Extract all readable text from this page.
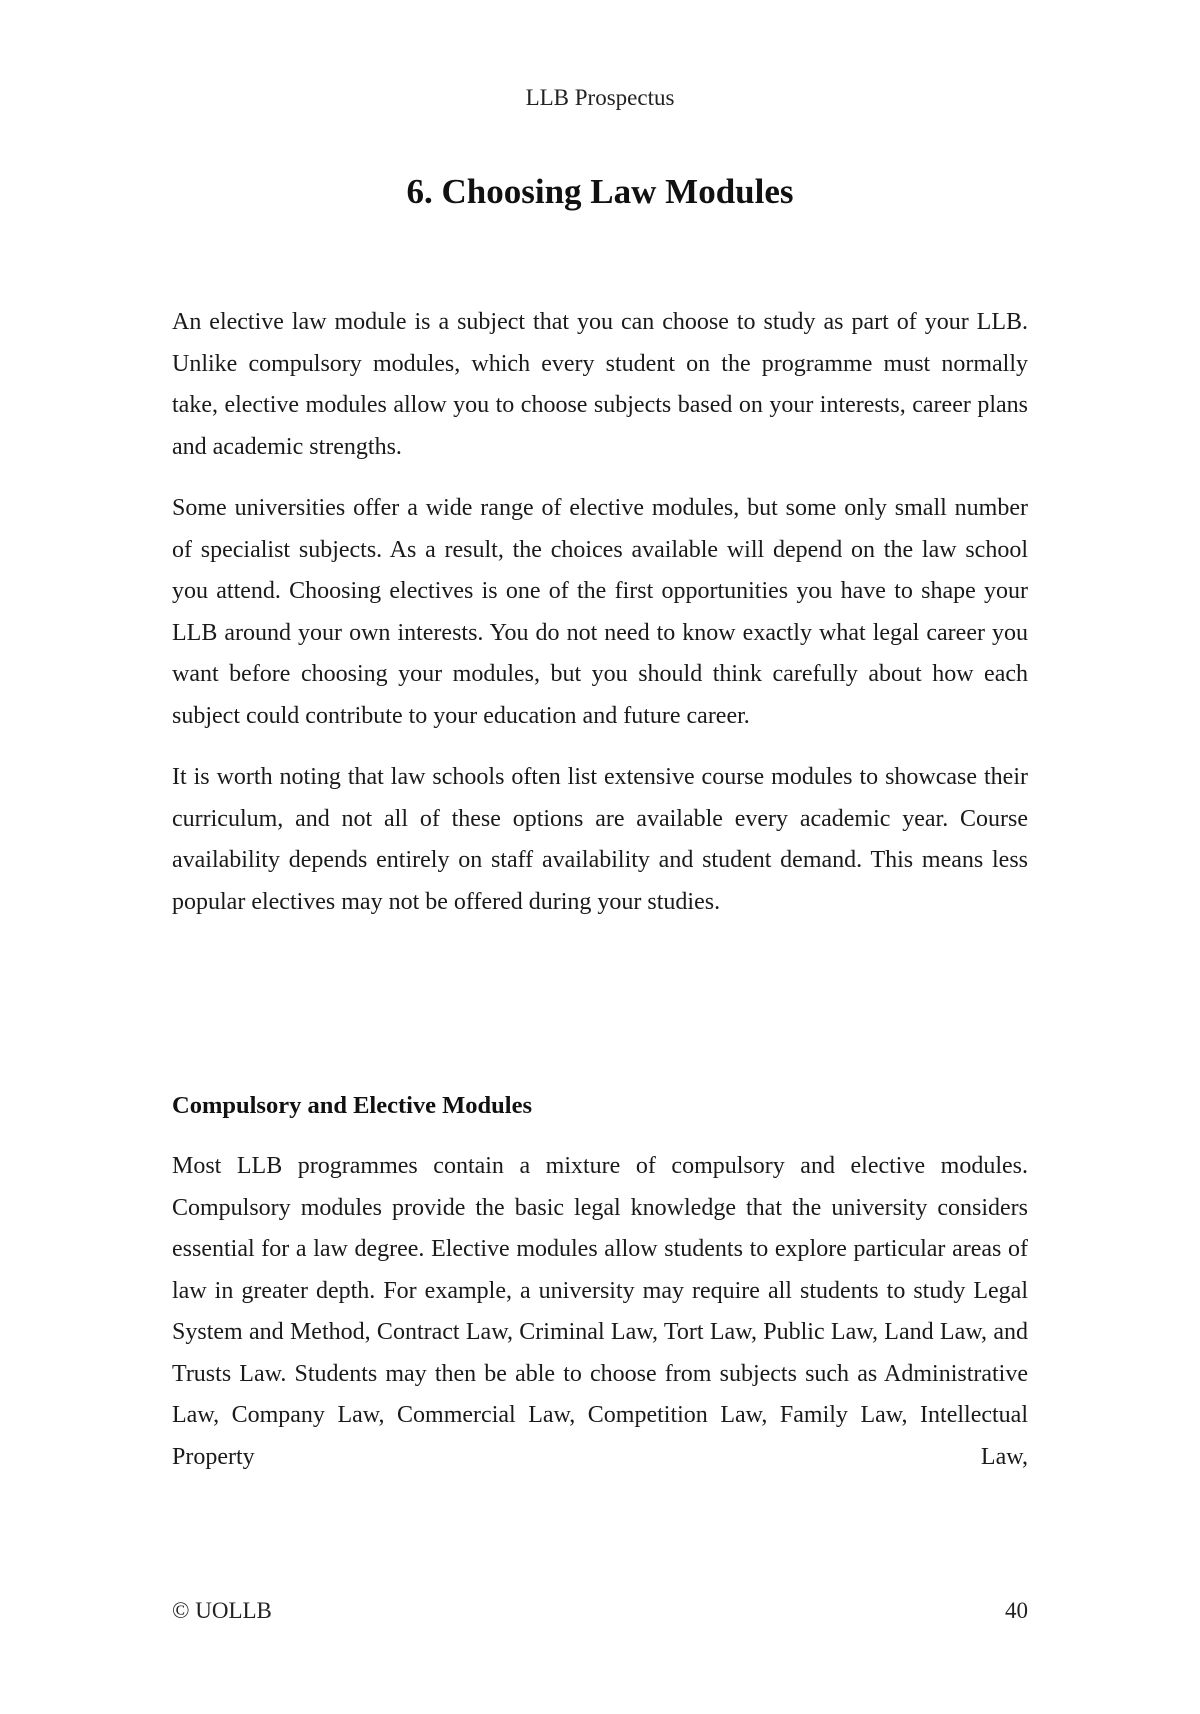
LLB Prospectus
6. Choosing Law Modules

An elective law module is a subject that you can choose to study as part of your LLB. Unlike compulsory modules, which every student on the programme must normally take, elective modules allow you to choose subjects based on your interests, career plans and academic strengths.

Some universities offer a wide range of elective modules, but some only small number of specialist subjects. As a result, the choices available will depend on the law school you attend. Choosing electives is one of the first opportunities you have to shape your LLB around your own interests. You do not need to know exactly what legal career you want before choosing your modules, but you should think carefully about how each subject could contribute to your education and future career.

It is worth noting that law schools often list extensive course modules to showcase their curriculum, and not all of these options are available every academic year. Course availability depends entirely on staff availability and student demand. This means less popular electives may not be offered during your studies.

Compulsory and Elective Modules

Most LLB programmes contain a mixture of compulsory and elective modules. Compulsory modules provide the basic legal knowledge that the university considers essential for a law degree. Elective modules allow students to explore particular areas of law in greater depth. For example, a university may require all students to study Legal System and Method, Contract Law, Criminal Law, Tort Law, Public Law, Land Law, and Trusts Law. Students may then be able to choose from subjects such as Administrative Law, Company Law, Commercial Law, Competition Law, Family Law, Intellectual Property Law,

© UOLLB	40
